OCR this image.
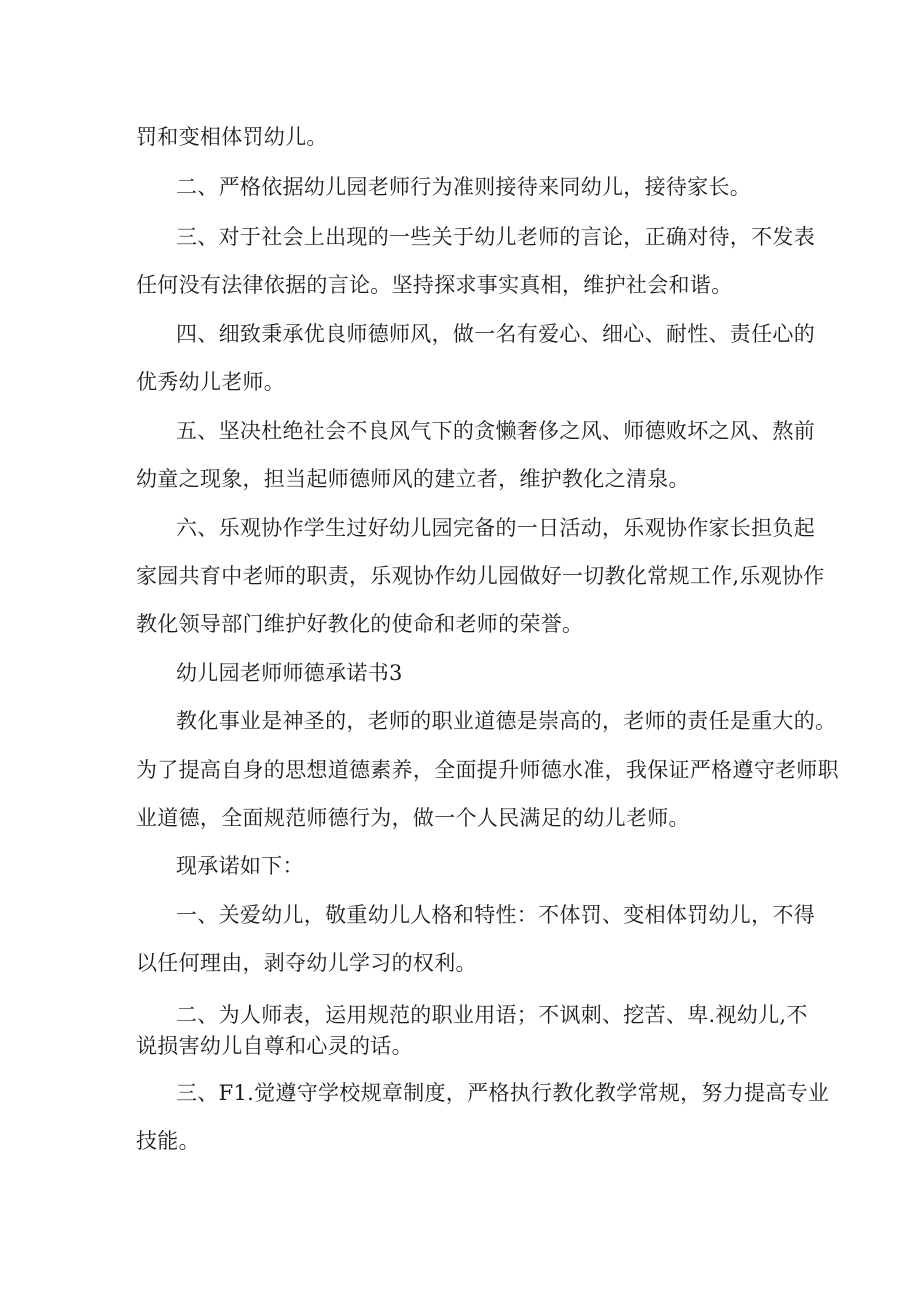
罚和变相体罚幼儿。
二、严格依据幼儿园老师行为准则接待来同幼儿，接待家长。
三、对于社会上出现的一些关于幼儿老师的言论，正确对待，不发表
任何没有法律依据的言论。坚持探求事实真相，维护社会和谐。
四、细致秉承优良师德师风，做一名有爱心、细心、耐性、责任心的
优秀幼儿老师。
五、坚决杜绝社会不良风气下的贪懒奢侈之风、师德败坏之风、熬前
幼童之现象，担当起师德师风的建立者，维护教化之清泉。
六、乐观协作学生过好幼儿园完备的一日活动，乐观协作家长担负起
家园共育中老师的职责，乐观协作幼儿园做好一切教化常规工作,乐观协作
教化领导部门维护好教化的使命和老师的荣誉。
幼儿园老师师德承诺书3
教化事业是神圣的，老师的职业道德是崇高的，老师的责任是重大的。
为了提高自身的思想道德素养，全面提升师德水准，我保证严格遵守老师职
业道德，全面规范师德行为，做一个人民满足的幼儿老师。
现承诺如下：
一、关爱幼儿，敬重幼儿人格和特性：不体罚、变相体罚幼儿，不得
以任何理由，剥夺幼儿学习的权利。
二、为人师表，运用规范的职业用语；不讽刺、挖苦、卑.视幼儿,不
说损害幼儿自尊和心灵的话。
三、F1.觉遵守学校规章制度，严格执行教化教学常规，努力提高专业
技能。
